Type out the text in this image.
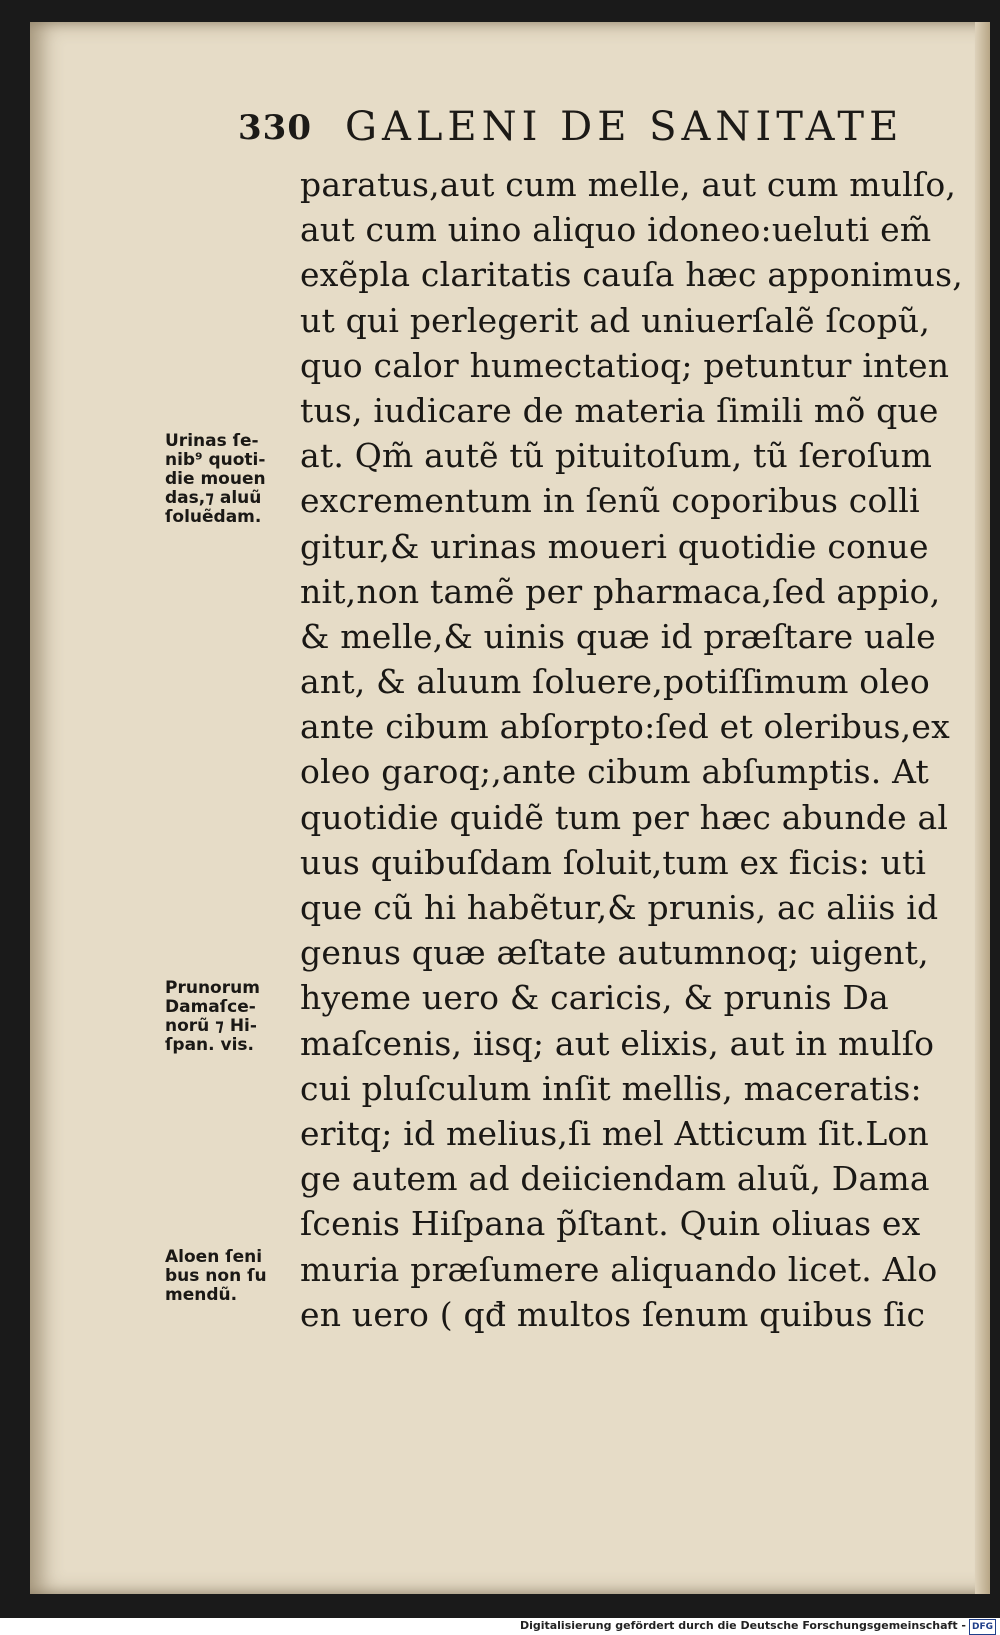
330 GALENI DE SANITATE
paratus,aut cum melle, aut cum mulſo,
aut cum uino aliquo idoneo:ueluti em̃
exẽpla claritatis cauſa hæc apponimus,
ut qui perlegerit ad uniuerſalẽ ſcopũ,
quo calor humectatioq; petuntur inten
tus, iudicare de materia ſimili mõ que
at. Qm̃ autẽ tũ pituitoſum, tũ ſeroſum
excrementum in ſenũ coporibus colli
gitur,& urinas moueri quotidie conue
nit,non tamẽ per pharmaca,ſed appio,
& melle,& uinis quæ id præſtare uale
ant, & aluum ſoluere,potiſſimum oleo
ante cibum abſorpto:ſed et oleribus,ex
oleo garoq;,ante cibum abſumptis. At
quotidie quidẽ tum per hæc abunde al
uus quibuſdam ſoluit,tum ex ficis: uti
que cũ hi habẽtur,& prunis, ac aliis id
genus quæ æſtate autumnoq; uigent,
hyeme uero & caricis, & prunis Da
maſcenis, iisq; aut elixis, aut in mulſo
cui pluſculum inſit mellis, maceratis:
eritq; id melius,ſi mel Atticum ſit.Lon
ge autem ad deiiciendam aluũ, Dama
ſcenis Hiſpana p̃ſtant. Quin oliuas ex
muria præſumere aliquando licet. Alo
en uero ( qđ multos ſenum quibus ſic
Urinas ſe-
nib⁹ quoti-
die mouen
das,⁊ aluũ
ſoluẽdam.
Prunorum
Damaſce-
norũ ⁊ Hi-
ſpan. vis.
Aloen ſeni
bus non ſu
mendũ.
Digitalisierung gefördert durch die Deutsche Forschungsgemeinschaft - DFG
